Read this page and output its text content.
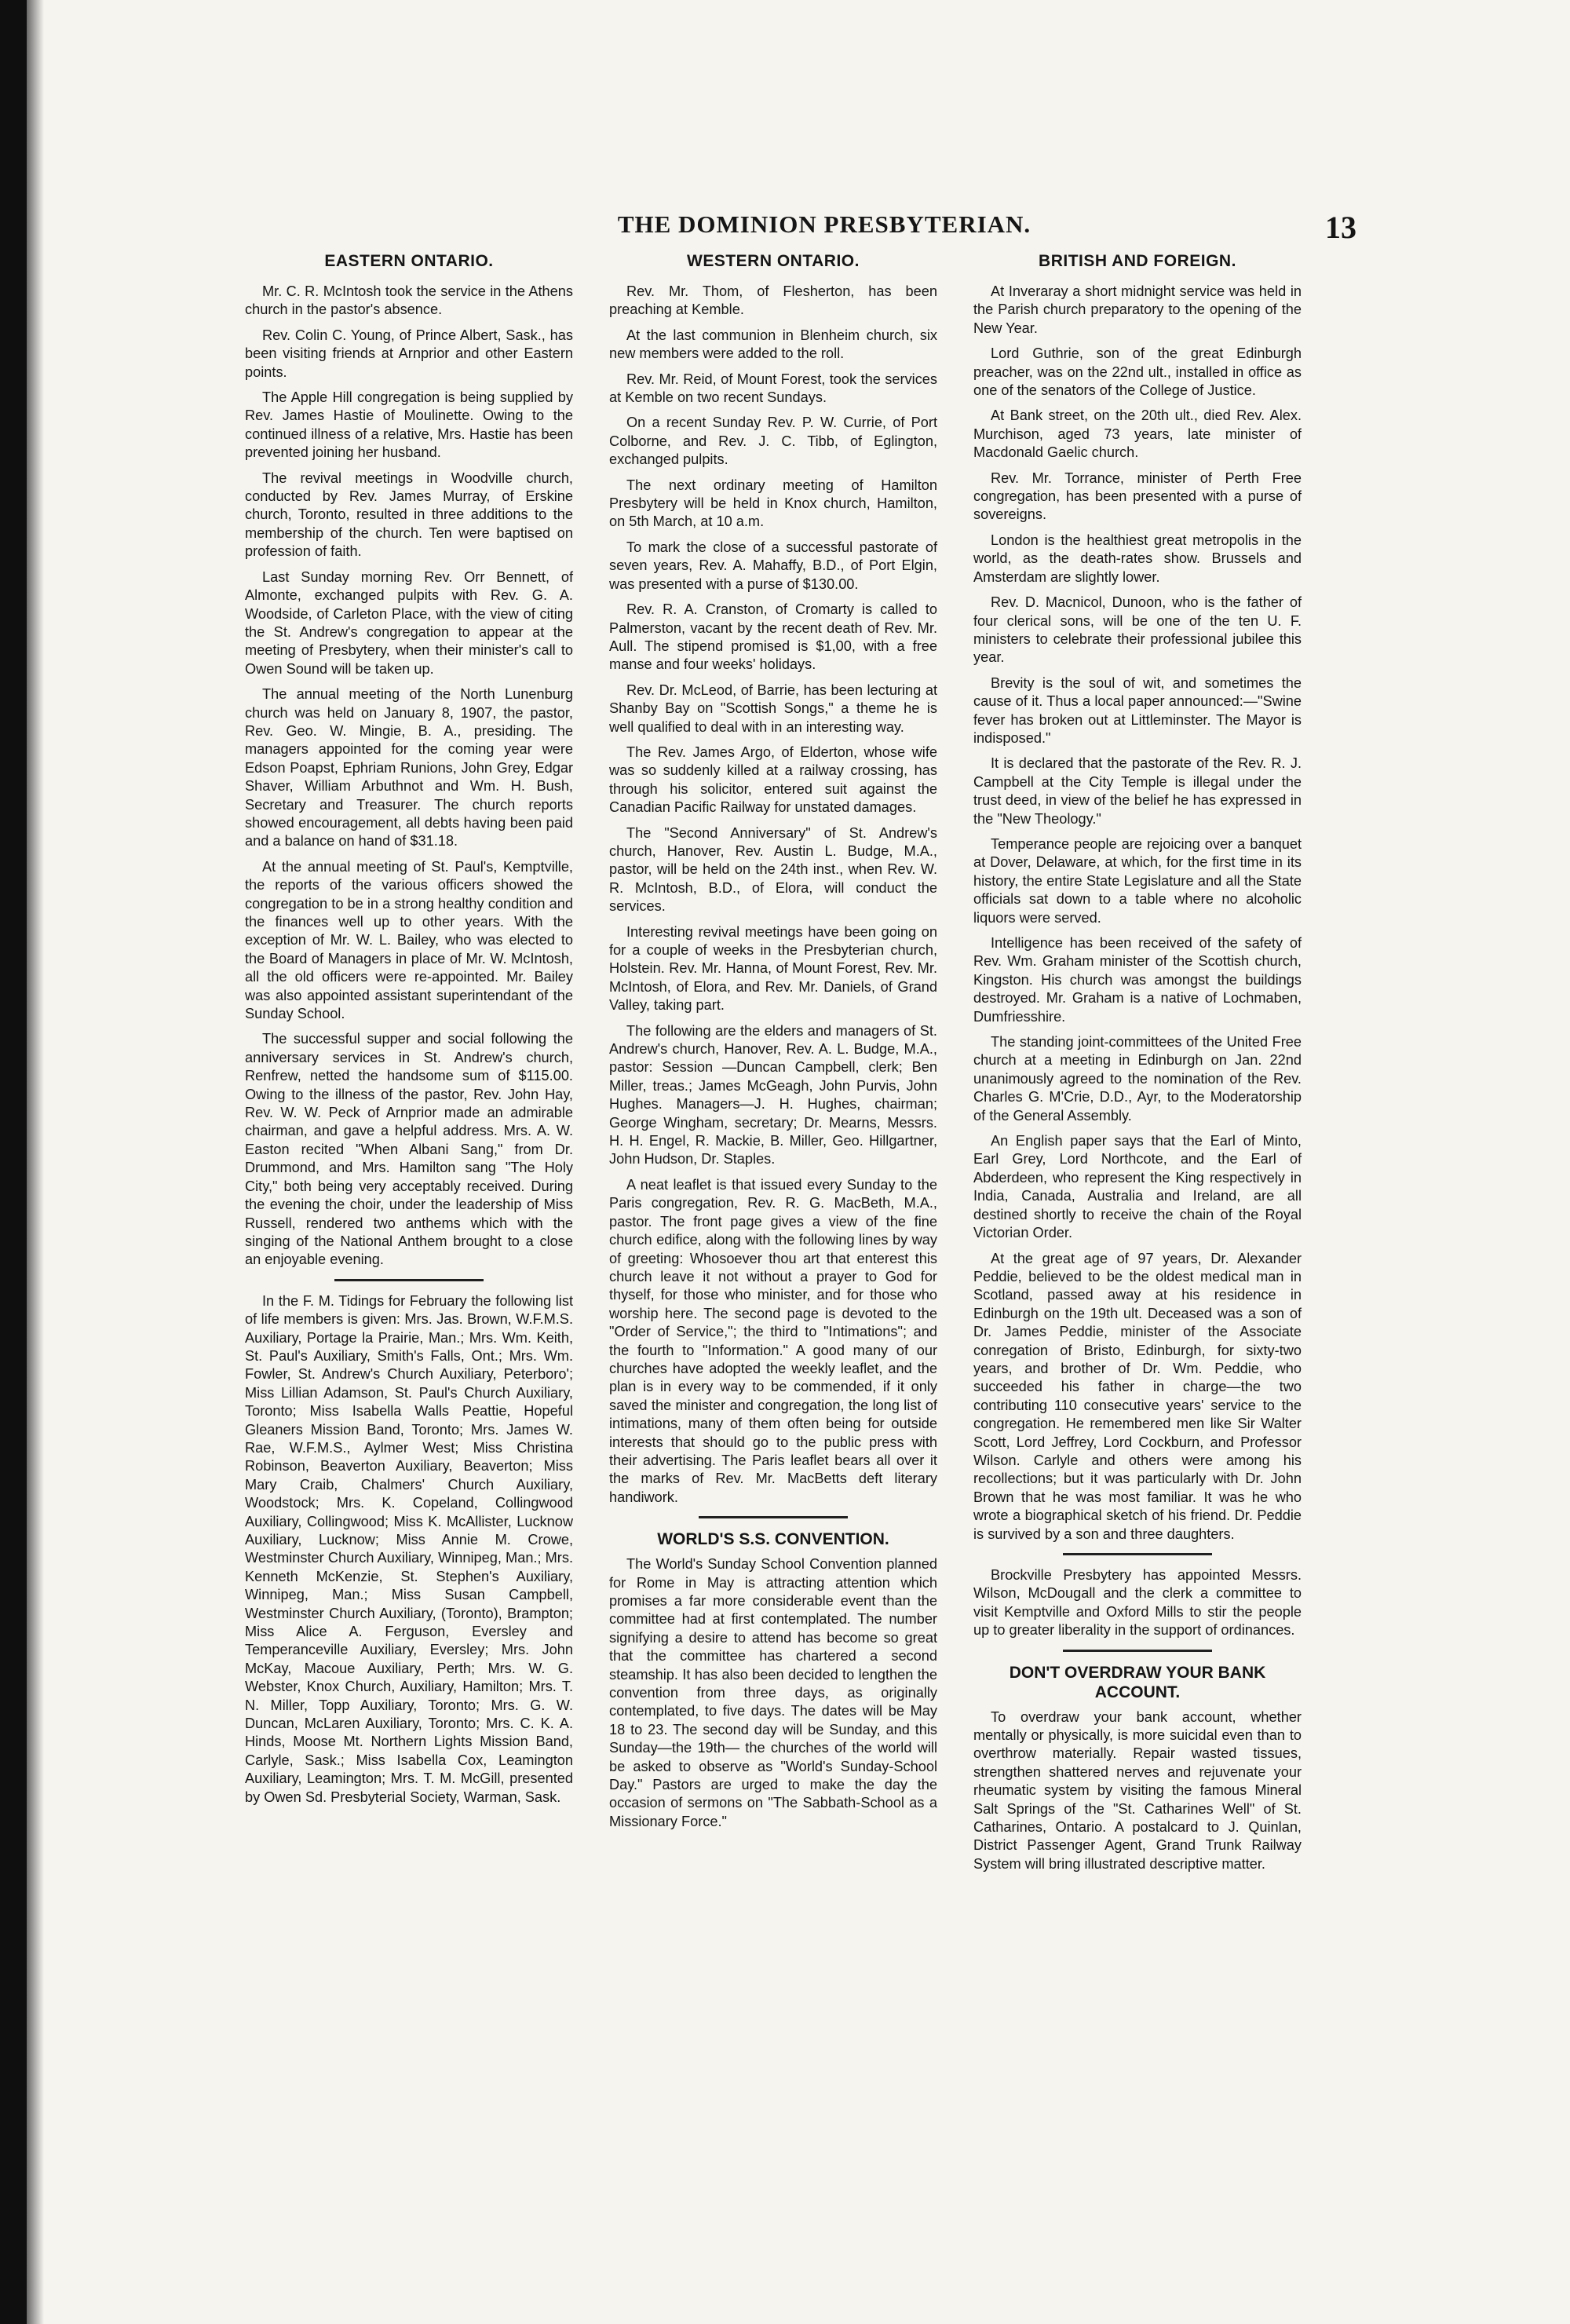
THE DOMINION PRESBYTERIAN.	13
EASTERN ONTARIO.

Mr. C. R. McIntosh took the service in the Athens church in the pastor's absence.

Rev. Colin C. Young, of Prince Albert, Sask., has been visiting friends at Arnprior and other Eastern points.

The Apple Hill congregation is being supplied by Rev. James Hastie of Moulinette. Owing to the continued illness of a relative, Mrs. Hastie has been prevented joining her husband.

The revival meetings in Woodville church, conducted by Rev. James Murray, of Erskine church, Toronto, resulted in three additions to the membership of the church. Ten were baptised on profession of faith.

Last Sunday morning Rev. Orr Bennett, of Almonte, exchanged pulpits with Rev. G. A. Woodside, of Carleton Place, with the view of citing the St. Andrew's congregation to appear at the meeting of Presbytery, when their minister's call to Owen Sound will be taken up.

The annual meeting of the North Lunenburg church was held on January 8, 1907, the pastor, Rev. Geo. W. Mingie, B. A., presiding. The managers appointed for the coming year were Edson Poapst, Ephriam Runions, John Grey, Edgar Shaver, William Arbuthnot and Wm. H. Bush, Secretary and Treasurer. The church reports showed encouragement, all debts having been paid and a balance on hand of $31.18.

At the annual meeting of St. Paul's, Kemptville, the reports of the various officers showed the congregation to be in a strong healthy condition and the finances well up to other years. With the exception of Mr. W. L. Bailey, who was elected to the Board of Managers in place of Mr. W. McIntosh, all the old officers were re-appointed. Mr. Bailey was also appointed assistant superintendant of the Sunday School.

The successful supper and social following the anniversary services in St. Andrew's church, Renfrew, netted the handsome sum of $115.00. Owing to the illness of the pastor, Rev. John Hay, Rev. W. W. Peck of Arnprior made an admirable chairman, and gave a helpful address. Mrs. A. W. Easton recited "When Albani Sang," from Dr. Drummond, and Mrs. Hamilton sang "The Holy City," both being very acceptably received. During the evening the choir, under the leadership of Miss Russell, rendered two anthems which with the singing of the National Anthem brought to a close an enjoyable evening.

In the F. M. Tidings for February the following list of life members is given: Mrs. Jas. Brown, W.F.M.S. Auxiliary, Portage la Prairie, Man.; Mrs. Wm. Keith, St. Paul's Auxiliary, Smith's Falls, Ont.; Mrs. Wm. Fowler, St. Andrew's Church Auxiliary, Peterboro'; Miss Lillian Adamson, St. Paul's Church Auxiliary, Toronto; Miss Isabella Walls Peattie, Hopeful Gleaners Mission Band, Toronto; Mrs. James W. Rae, W.F.M.S., Aylmer West; Miss Christina Robinson, Beaverton Auxiliary, Beaverton; Miss Mary Craib, Chalmers' Church Auxiliary, Woodstock; Mrs. K. Copeland, Collingwood Auxiliary, Collingwood; Miss K. McAllister, Lucknow Auxiliary, Lucknow; Miss Annie M. Crowe, Westminster Church Auxiliary, Winnipeg, Man.; Mrs. Kenneth McKenzie, St. Stephen's Auxiliary, Winnipeg, Man.; Miss Susan Campbell, Westminster Church Auxiliary, (Toronto), Brampton; Miss Alice A. Ferguson, Eversley and Temperanceville Auxiliary, Eversley; Mrs. John McKay, Macoue Auxiliary, Perth; Mrs. W. G. Webster, Knox Church, Auxiliary, Hamilton; Mrs. T. N. Miller, Topp Auxiliary, Toronto; Mrs. G. W. Duncan, McLaren Auxiliary, Toronto; Mrs. C. K. A. Hinds, Moose Mt. Northern Lights Mission Band, Carlyle, Sask.; Miss Isabella Cox, Leamington Auxiliary, Leamington; Mrs. T. M. McGill, presented by Owen Sd. Presbyterial Society, Warman, Sask.

WESTERN ONTARIO.

Rev. Mr. Thom, of Flesherton, has been preaching at Kemble.

At the last communion in Blenheim church, six new members were added to the roll.

Rev. Mr. Reid, of Mount Forest, took the services at Kemble on two recent Sundays.

On a recent Sunday Rev. P. W. Currie, of Port Colborne, and Rev. J. C. Tibb, of Eglington, exchanged pulpits.

The next ordinary meeting of Hamilton Presbytery will be held in Knox church, Hamilton, on 5th March, at 10 a.m.

To mark the close of a successful pastorate of seven years, Rev. A. Mahaffy, B.D., of Port Elgin, was presented with a purse of $130.00.

Rev. R. A. Cranston, of Cromarty is called to Palmerston, vacant by the recent death of Rev. Mr. Aull. The stipend promised is $1,00, with a free manse and four weeks' holidays.

Rev. Dr. McLeod, of Barrie, has been lecturing at Shanby Bay on "Scottish Songs," a theme he is well qualified to deal with in an interesting way.

The Rev. James Argo, of Elderton, whose wife was so suddenly killed at a railway crossing, has through his solicitor, entered suit against the Canadian Pacific Railway for unstated damages.

The "Second Anniversary" of St. Andrew's church, Hanover, Rev. Austin L. Budge, M.A., pastor, will be held on the 24th inst., when Rev. W. R. McIntosh, B.D., of Elora, will conduct the services.

Interesting revival meetings have been going on for a couple of weeks in the Presbyterian church, Holstein. Rev. Mr. Hanna, of Mount Forest, Rev. Mr. McIntosh, of Elora, and Rev. Mr. Daniels, of Grand Valley, taking part.

The following are the elders and managers of St. Andrew's church, Hanover, Rev. A. L. Budge, M.A., pastor: Session —Duncan Campbell, clerk; Ben Miller, treas.; James McGeagh, John Purvis, John Hughes. Managers—J. H. Hughes, chairman; George Wingham, secretary; Dr. Mearns, Messrs. H. H. Engel, R. Mackie, B. Miller, Geo. Hillgartner, John Hudson, Dr. Staples.

A neat leaflet is that issued every Sunday to the Paris congregation, Rev. R. G. MacBeth, M.A., pastor. The front page gives a view of the fine church edifice, along with the following lines by way of greeting: Whosoever thou art that enterest this church leave it not without a prayer to God for thyself, for those who minister, and for those who worship here. The second page is devoted to the "Order of Service,"; the third to "Intimations"; and the fourth to "Information." A good many of our churches have adopted the weekly leaflet, and the plan is in every way to be commended, if it only saved the minister and congregation, the long list of intimations, many of them often being for outside interests that should go to the public press with their advertising. The Paris leaflet bears all over it the marks of Rev. Mr. MacBetts deft literary handiwork.

WORLD'S S.S. CONVENTION.

The World's Sunday School Convention planned for Rome in May is attracting attention which promises a far more considerable event than the committee had at first contemplated. The number signifying a desire to attend has become so great that the committee has chartered a second steamship. It has also been decided to lengthen the convention from three days, as originally contemplated, to five days. The dates will be May 18 to 23. The second day will be Sunday, and this Sunday—the 19th— the churches of the world will be asked to observe as "World's Sunday-School Day." Pastors are urged to make the day the occasion of sermons on "The Sabbath-School as a Missionary Force."

BRITISH AND FOREIGN.

At Inveraray a short midnight service was held in the Parish church preparatory to the opening of the New Year.

Lord Guthrie, son of the great Edinburgh preacher, was on the 22nd ult., installed in office as one of the senators of the College of Justice.

At Bank street, on the 20th ult., died Rev. Alex. Murchison, aged 73 years, late minister of Macdonald Gaelic church.

Rev. Mr. Torrance, minister of Perth Free congregation, has been presented with a purse of sovereigns.

London is the healthiest great metropolis in the world, as the death-rates show. Brussels and Amsterdam are slightly lower.

Rev. D. Macnicol, Dunoon, who is the father of four clerical sons, will be one of the ten U. F. ministers to celebrate their professional jubilee this year.

Brevity is the soul of wit, and sometimes the cause of it. Thus a local paper announced:—"Swine fever has broken out at Littleminster. The Mayor is indisposed."

It is declared that the pastorate of the Rev. R. J. Campbell at the City Temple is illegal under the trust deed, in view of the belief he has expressed in the "New Theology."

Temperance people are rejoicing over a banquet at Dover, Delaware, at which, for the first time in its history, the entire State Legislature and all the State officials sat down to a table where no alcoholic liquors were served.

Intelligence has been received of the safety of Rev. Wm. Graham minister of the Scottish church, Kingston. His church was amongst the buildings destroyed. Mr. Graham is a native of Lochmaben, Dumfriesshire.

The standing joint-committees of the United Free church at a meeting in Edinburgh on Jan. 22nd unanimously agreed to the nomination of the Rev. Charles G. M'Crie, D.D., Ayr, to the Moderatorship of the General Assembly.

An English paper says that the Earl of Minto, Earl Grey, Lord Northcote, and the Earl of Abderdeen, who represent the King respectively in India, Canada, Australia and Ireland, are all destined shortly to receive the chain of the Royal Victorian Order.

At the great age of 97 years, Dr. Alexander Peddie, believed to be the oldest medical man in Scotland, passed away at his residence in Edinburgh on the 19th ult. Deceased was a son of Dr. James Peddie, minister of the Associate conregation of Bristo, Edinburgh, for sixty-two years, and brother of Dr. Wm. Peddie, who succeeded his father in charge—the two contributing 110 consecutive years' service to the congregation. He remembered men like Sir Walter Scott, Lord Jeffrey, Lord Cockburn, and Professor Wilson. Carlyle and others were among his recollections; but it was particularly with Dr. John Brown that he was most familiar. It was he who wrote a biographical sketch of his friend. Dr. Peddie is survived by a son and three daughters.

Brockville Presbytery has appointed Messrs. Wilson, McDougall and the clerk a committee to visit Kemptville and Oxford Mills to stir the people up to greater liberality in the support of ordinances.

DON'T OVERDRAW YOUR BANK ACCOUNT.

To overdraw your bank account, whether mentally or physically, is more suicidal even than to overthrow materially. Repair wasted tissues, strengthen shattered nerves and rejuvenate your rheumatic system by visiting the famous Mineral Salt Springs of the "St. Catharines Well" of St. Catharines, Ontario. A postalcard to J. Quinlan, District Passenger Agent, Grand Trunk Railway System will bring illustrated descriptive matter.
